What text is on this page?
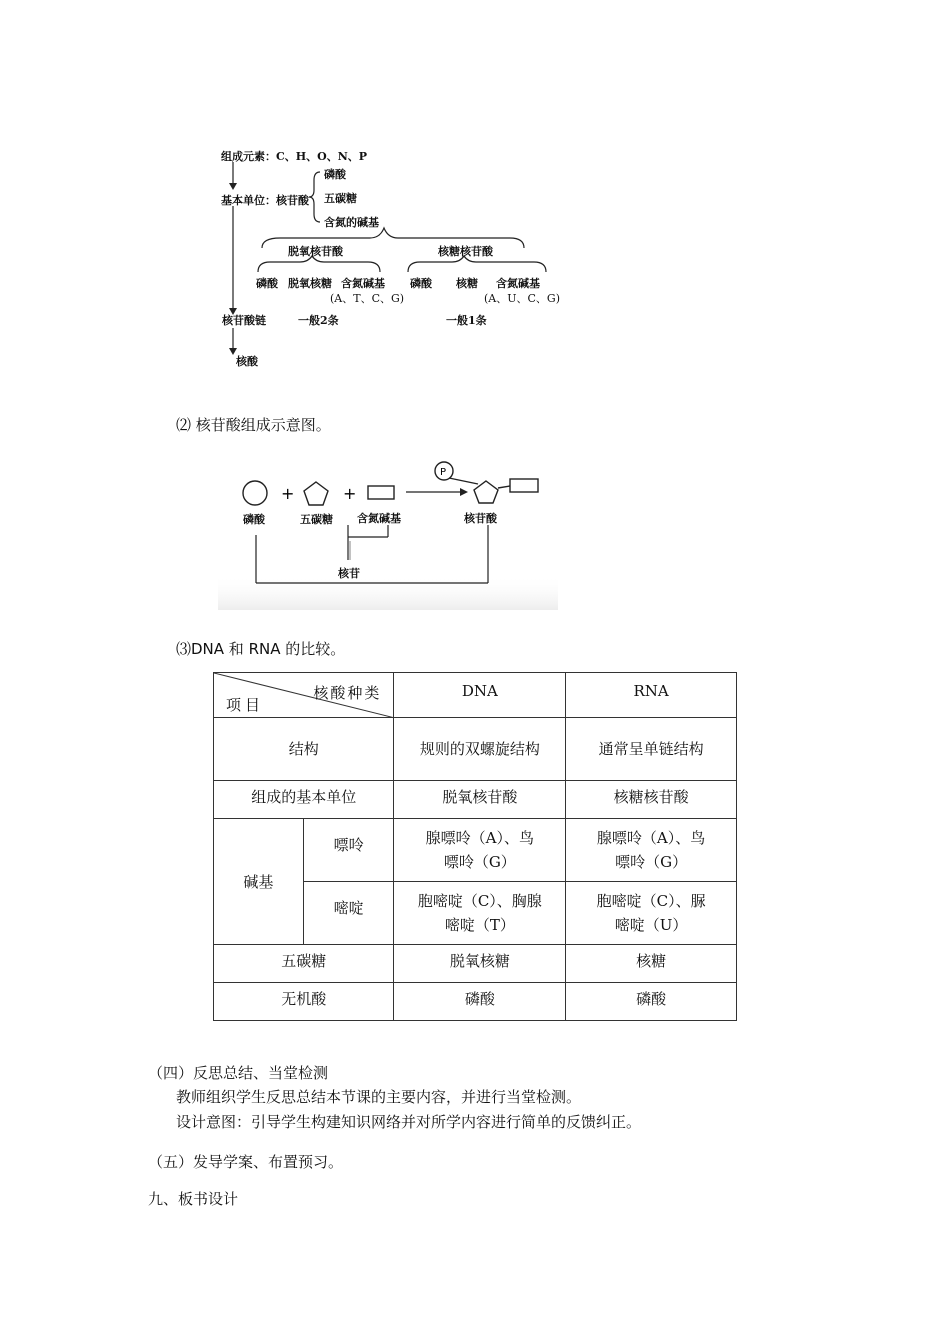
组成元素：C、H、O、N、P
基本单位：核苷酸
磷酸
五碳糖
含氮的碱基
脱氧核苷酸	核糖核苷酸
磷酸 脱氧核糖 含氮碱基
(A、T、C、G)
磷酸 核糖 含氮碱基
(A、U、C、G)
核苷酸链	一般2条	一般1条
核酸
⑵ 核苷酸组成示意图。
+	+
P
磷酸	五碳糖 含氮碱基	核苷酸
核苷
⑶DNA 和 RNA 的比较。
核酸种类
项目		DNA	RNA
结构		规则的双螺旋结构	通常呈单链结构
组成的基本单位		脱氧核苷酸	核糖核苷酸
碱基	嘌呤	腺嘌呤（A）、鸟嘌呤（G）	腺嘌呤（A）、鸟嘌呤（G）
	嘧啶	胞嘧啶（C）、胸腺嘧啶（T）	胞嘧啶（C）、脲嘧啶（U）
五碳糖		脱氧核糖	核糖
无机酸		磷酸	磷酸
（四）反思总结、当堂检测
教师组织学生反思总结本节课的主要内容，并进行当堂检测。
设计意图：引导学生构建知识网络并对所学内容进行简单的反馈纠正。
（五）发导学案、布置预习。
九、板书设计
